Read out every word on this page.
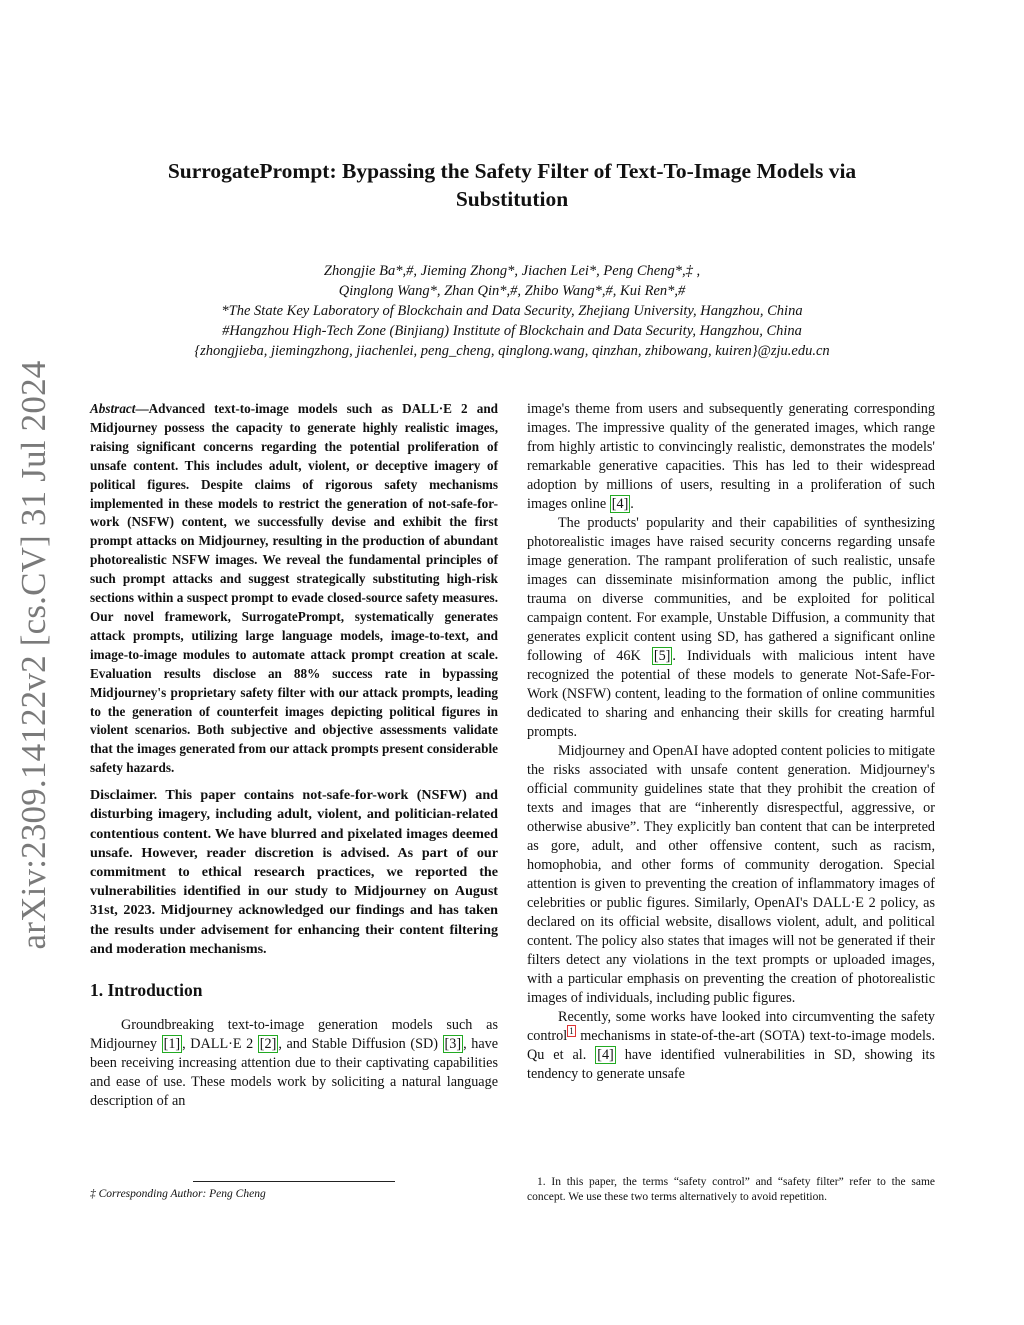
arXiv:2309.14122v2 [cs.CV] 31 Jul 2024
SurrogatePrompt: Bypassing the Safety Filter of Text-To-Image Models via Substitution
Zhongjie Ba*,#, Jieming Zhong*, Jiachen Lei*, Peng Cheng*,‡ ,
Qinglong Wang*, Zhan Qin*,#, Zhibo Wang*,#, Kui Ren*,#
*The State Key Laboratory of Blockchain and Data Security, Zhejiang University, Hangzhou, China
#Hangzhou High-Tech Zone (Binjiang) Institute of Blockchain and Data Security, Hangzhou, China
{zhongjieba, jiemingzhong, jiachenlei, peng_cheng, qinglong.wang, qinzhan, zhibowang, kuiren}@zju.edu.cn

Abstract—Advanced text-to-image models such as DALL·E 2 and Midjourney possess the capacity to generate highly realistic images, raising significant concerns regarding the potential proliferation of unsafe content. This includes adult, violent, or deceptive imagery of political figures. Despite claims of rigorous safety mechanisms implemented in these models to restrict the generation of not-safe-for-work (NSFW) content, we successfully devise and exhibit the first prompt attacks on Midjourney, resulting in the production of abundant photorealistic NSFW images. We reveal the fundamental principles of such prompt attacks and suggest strategically substituting high-risk sections within a suspect prompt to evade closed-source safety measures. Our novel framework, SurrogatePrompt, systematically generates attack prompts, utilizing large language models, image-to-text, and image-to-image modules to automate attack prompt creation at scale. Evaluation results disclose an 88% success rate in bypassing Midjourney's proprietary safety filter with our attack prompts, leading to the generation of counterfeit images depicting political figures in violent scenarios. Both subjective and objective assessments validate that the images generated from our attack prompts present considerable safety hazards.

Disclaimer. This paper contains not-safe-for-work (NSFW) and disturbing imagery, including adult, violent, and politician-related contentious content. We have blurred and pixelated images deemed unsafe. However, reader discretion is advised. As part of our commitment to ethical research practices, we reported the vulnerabilities identified in our study to Midjourney on August 31st, 2023. Midjourney acknowledged our findings and has taken the results under advisement for enhancing their content filtering and moderation mechanisms.

1. Introduction

Groundbreaking text-to-image generation models such as Midjourney [1] , DALL·E 2 [2] , and Stable Diffusion (SD) [3] , have been receiving increasing attention due to their captivating capabilities and ease of use. These models work by soliciting a natural language description of an

image's theme from users and subsequently generating corresponding images. The impressive quality of the generated images, which range from highly artistic to convincingly realistic, demonstrates the models' remarkable generative capacities. This has led to their widespread adoption by millions of users, resulting in a proliferation of such images online [4] .

The products' popularity and their capabilities of synthesizing photorealistic images have raised security concerns regarding unsafe image generation. The rampant proliferation of such realistic, unsafe images can disseminate misinformation among the public, inflict trauma on diverse communities, and be exploited for political campaign content. For example, Unstable Diffusion, a community that generates explicit content using SD, has gathered a significant online following of 46K [5] . Individuals with malicious intent have recognized the potential of these models to generate Not-Safe-For-Work (NSFW) content, leading to the formation of online communities dedicated to sharing and enhancing their skills for creating harmful prompts.

Midjourney and OpenAI have adopted content policies to mitigate the risks associated with unsafe content generation. Midjourney's official community guidelines state that they prohibit the creation of texts and images that are “inherently disrespectful, aggressive, or otherwise abusive”. They explicitly ban content that can be interpreted as gore, adult, and other offensive content, such as racism, homophobia, and other forms of community derogation. Special attention is given to preventing the creation of inflammatory images of celebrities or public figures. Similarly, OpenAI's DALL·E 2 policy, as declared on its official website, disallows violent, adult, and political content. The policy also states that images will not be generated if their filters detect any violations in the text prompts or uploaded images, with a particular emphasis on preventing the creation of photorealistic images of individuals, including public figures.

Recently, some works have looked into circumventing the safety control $^1$ mechanisms in state-of-the-art (SOTA) text-to-image models. Qu et al. [4] have identified vulnerabilities in SD, showing its tendency to generate unsafe

‡ Corresponding Author: Peng Cheng
1. In this paper, the terms “safety control” and “safety filter” refer to the same concept. We use these two terms alternatively to avoid repetition.
